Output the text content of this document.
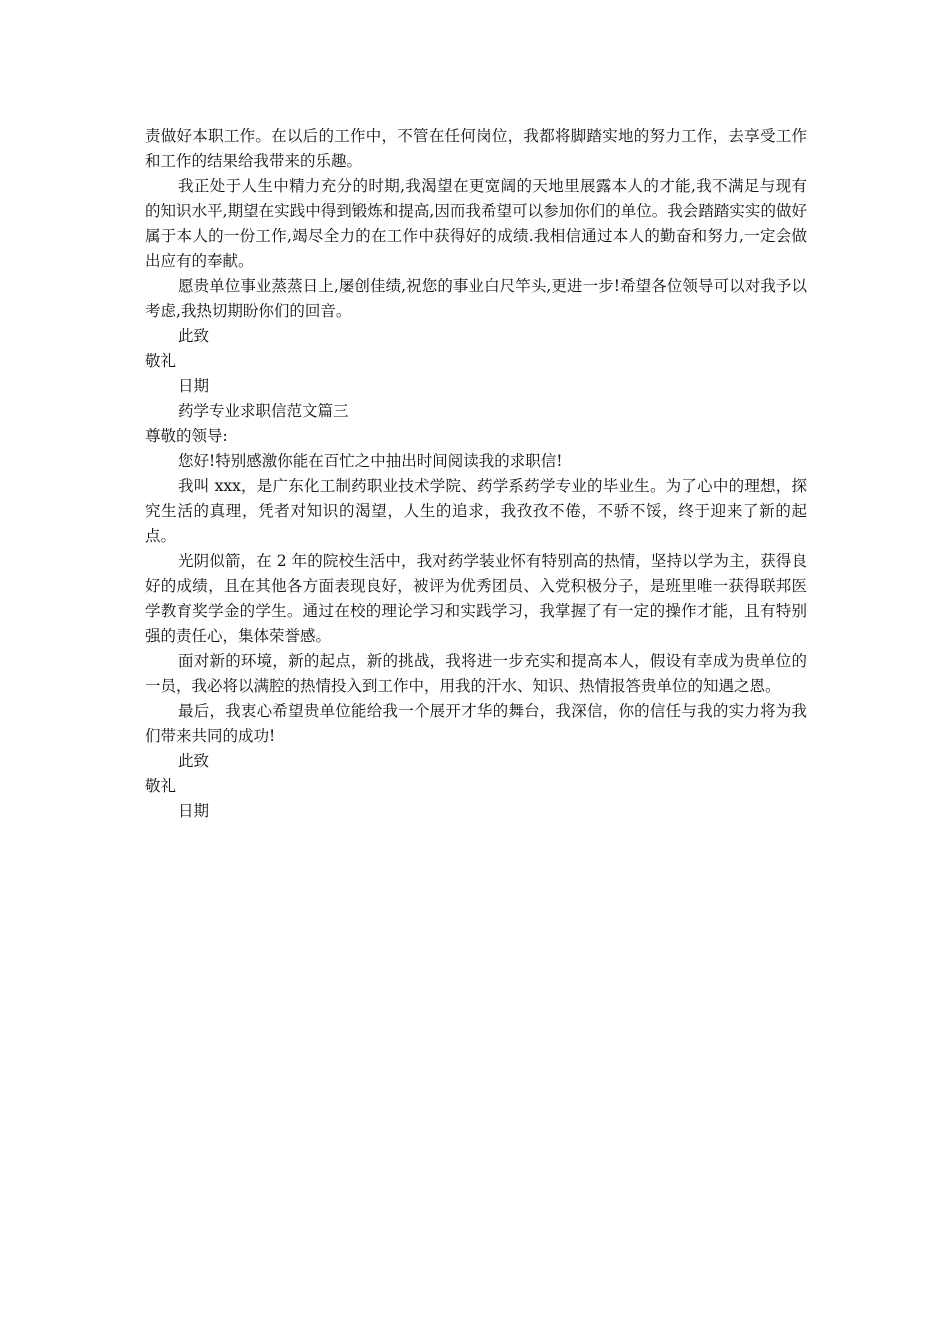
责做好本职工作。在以后的工作中，不管在任何岗位，我都将脚踏实地的努力工作，去享受工作和工作的结果给我带来的乐趣。

我正处于人生中精力充分的时期,我渴望在更宽阔的天地里展露本人的才能,我不满足与现有的知识水平,期望在实践中得到锻炼和提高,因而我希望可以参加你们的单位。我会踏踏实实的做好属于本人的一份工作,竭尽全力的在工作中获得好的成绩.我相信通过本人的勤奋和努力,一定会做出应有的奉献。

愿贵单位事业蒸蒸日上,屡创佳绩,祝您的事业白尺竿头,更进一步!希望各位领导可以对我予以考虑,我热切期盼你们的回音。

此致

敬礼

日期

药学专业求职信范文篇三

尊敬的领导:

您好!特别感激你能在百忙之中抽出时间阅读我的求职信!

我叫 xxx，是广东化工制药职业技术学院、药学系药学专业的毕业生。为了心中的理想，探究生活的真理，凭者对知识的渴望，人生的追求，我孜孜不倦，不骄不馁，终于迎来了新的起点。

光阴似箭，在 2 年的院校生活中，我对药学装业怀有特别高的热情，坚持以学为主，获得良好的成绩，且在其他各方面表现良好，被评为优秀团员、入党积极分子，是班里唯一获得联邦医学教育奖学金的学生。通过在校的理论学习和实践学习，我掌握了有一定的操作才能，且有特别强的责任心，集体荣誉感。

面对新的环境，新的起点，新的挑战，我将进一步充实和提高本人，假设有幸成为贵单位的一员，我必将以满腔的热情投入到工作中，用我的汗水、知识、热情报答贵单位的知遇之恩。

最后，我衷心希望贵单位能给我一个展开才华的舞台，我深信，你的信任与我的实力将为我们带来共同的成功!

此致

敬礼

日期
